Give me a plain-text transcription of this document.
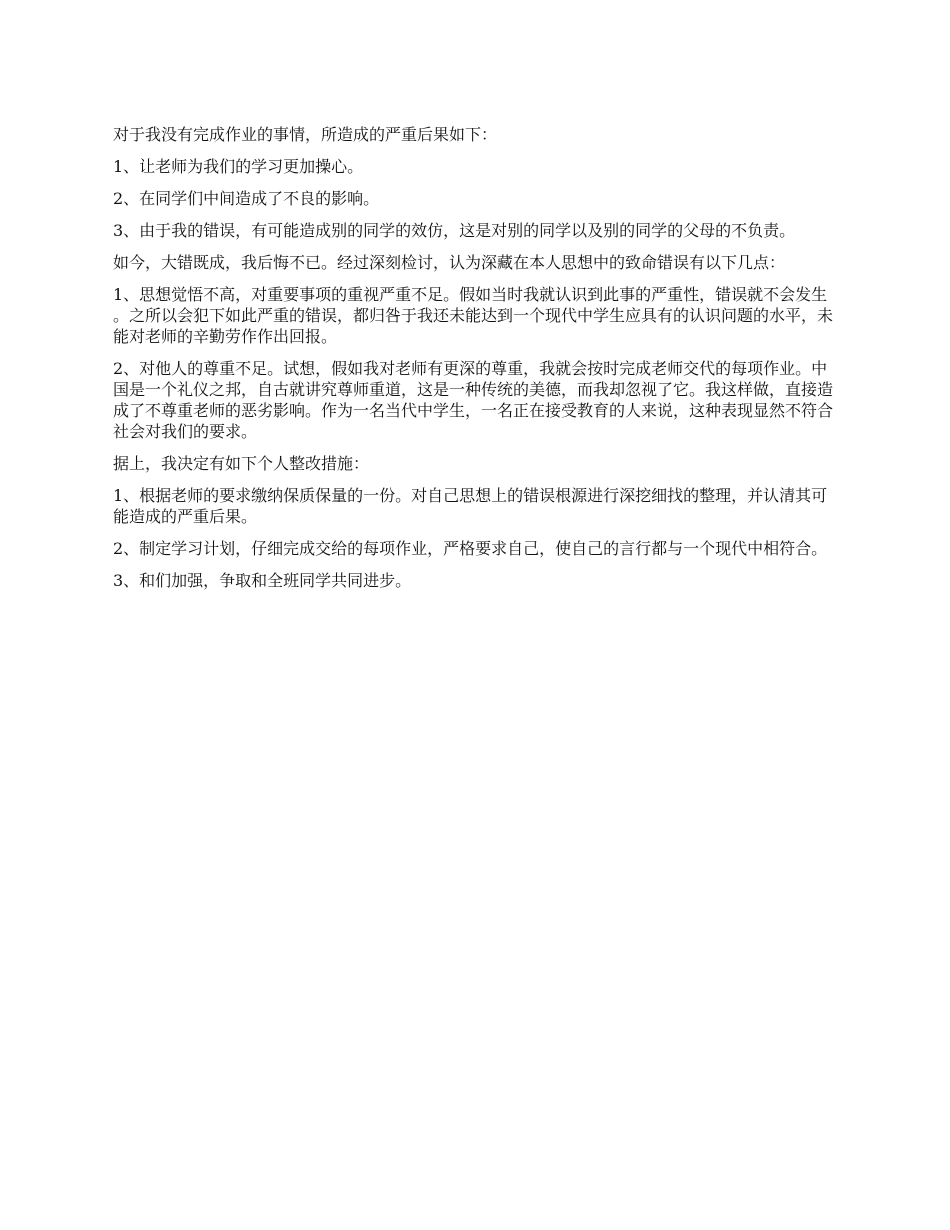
对于我没有完成作业的事情，所造成的严重后果如下：

1、让老师为我们的学习更加操心。

2、在同学们中间造成了不良的影响。

3、由于我的错误，有可能造成别的同学的效仿，这是对别的同学以及别的同学的父母的不负责。

如今，大错既成，我后悔不已。经过深刻检讨，认为深藏在本人思想中的致命错误有以下几点：

1、思想觉悟不高，对重要事项的重视严重不足。假如当时我就认识到此事的严重性，错误就不会发生。之所以会犯下如此严重的错误，都归咎于我还未能达到一个现代中学生应具有的认识问题的水平，未能对老师的辛勤劳作作出回报。

2、对他人的尊重不足。试想，假如我对老师有更深的尊重，我就会按时完成老师交代的每项作业。中国是一个礼仪之邦，自古就讲究尊师重道，这是一种传统的美德，而我却忽视了它。我这样做，直接造成了不尊重老师的恶劣影响。作为一名当代中学生，一名正在接受教育的人来说，这种表现显然不符合社会对我们的要求。

据上，我决定有如下个人整改措施：

1、根据老师的要求缴纳保质保量的一份。对自己思想上的错误根源进行深挖细找的整理，并认清其可能造成的严重后果。

2、制定学习计划，仔细完成交给的每项作业，严格要求自己，使自己的言行都与一个现代中相符合。

3、和们加强，争取和全班同学共同进步。
